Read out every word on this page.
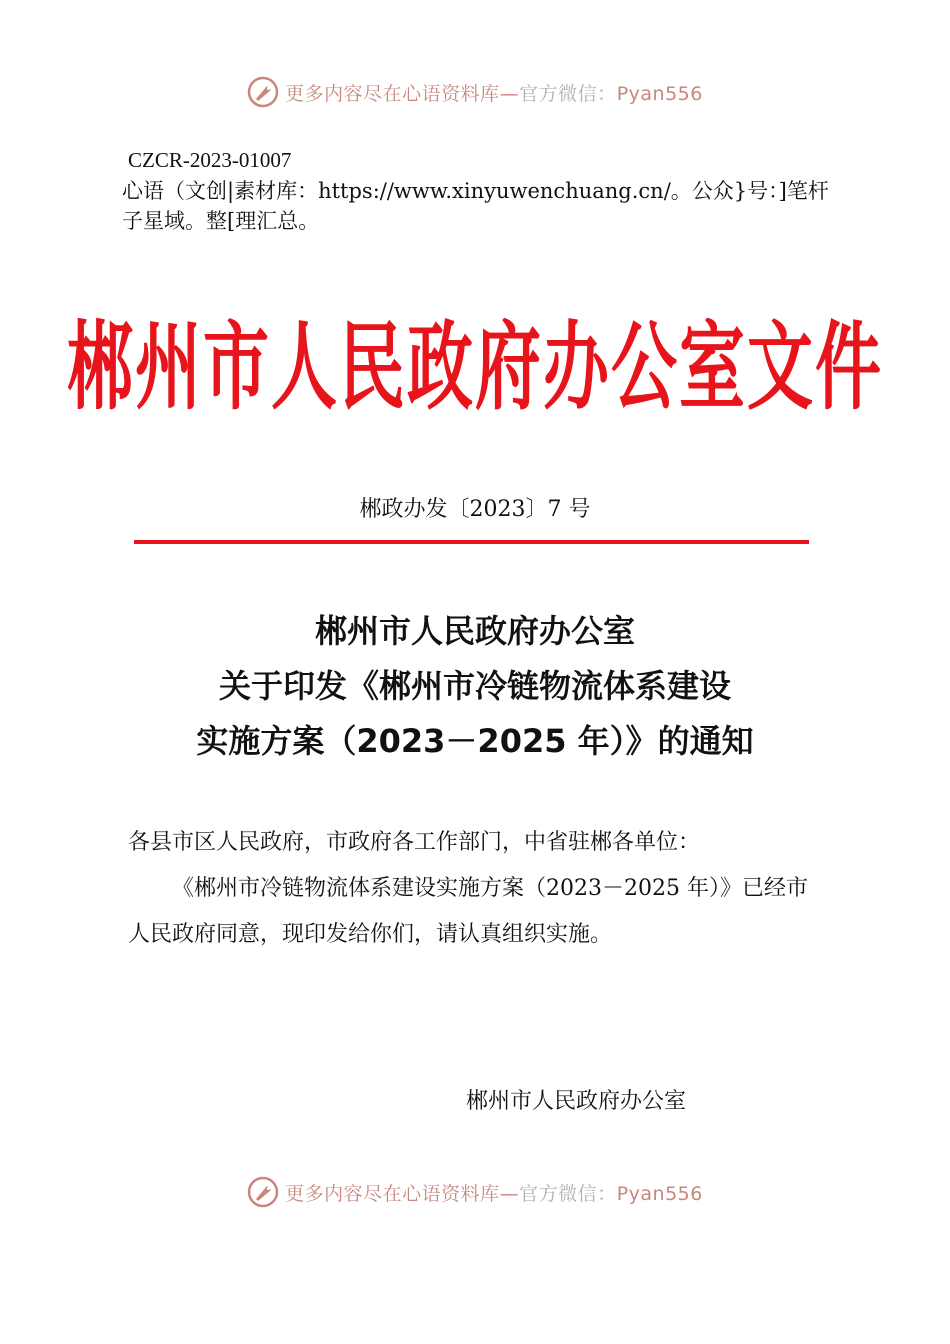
更多内容尽在心语资料库—官方微信：Pyan556
CZCR-2023-01007
心语（文创|素材库：https://www.xinyuwenchuang.cn/。公众}号：]笔杆子星域。整[理汇总。
郴州市人民政府办公室文件
郴政办发〔2023〕7 号
郴州市人民政府办公室
关于印发《郴州市冷链物流体系建设
实施方案（2023－2025 年）》的通知

各县市区人民政府，市政府各工作部门，中省驻郴各单位：

《郴州市冷链物流体系建设实施方案（2023－2025 年）》已经市人民政府同意，现印发给你们，请认真组织实施。

郴州市人民政府办公室
更多内容尽在心语资料库—官方微信：Pyan556
